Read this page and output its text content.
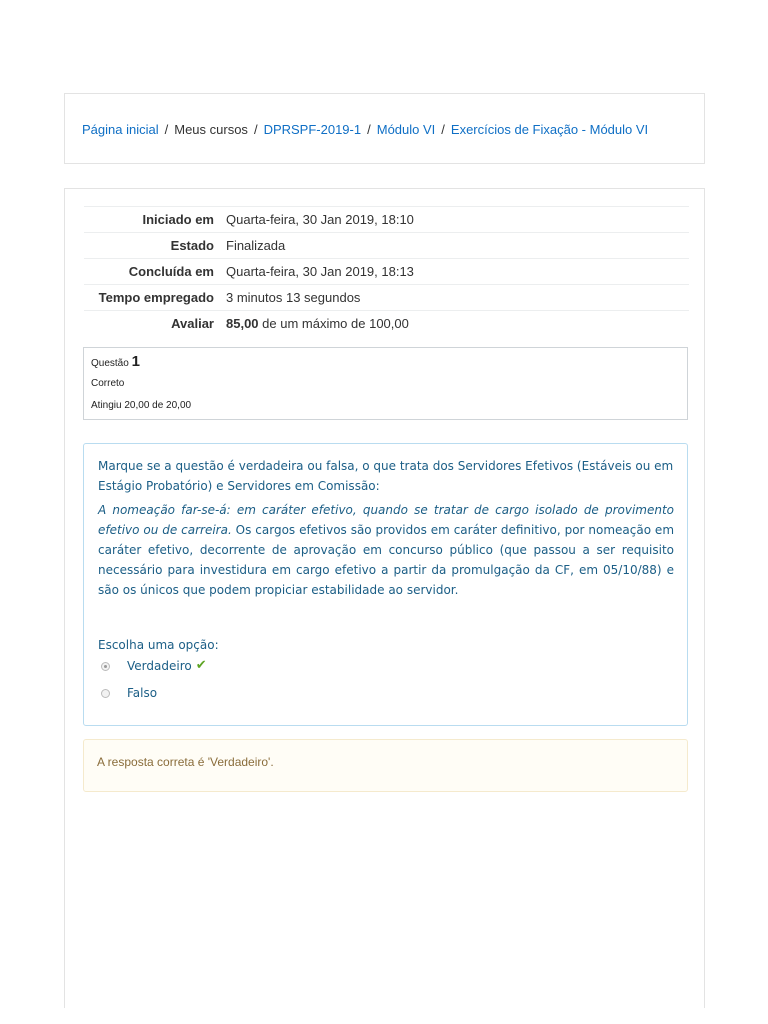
Página inicial / Meus cursos / DPRSPF-2019-1 / Módulo VI / Exercícios de Fixação - Módulo VI
Iniciado em	Quarta-feira, 30 Jan 2019, 18:10
Estado	Finalizada
Concluída em	Quarta-feira, 30 Jan 2019, 18:13
Tempo empregado	3 minutos 13 segundos
Avaliar	85,00 de um máximo de 100,00
Questão 1
Correto
Atingiu 20,00 de 20,00
Marque se a questão é verdadeira ou falsa, o que trata dos Servidores Efetivos (Estáveis ou em Estágio Probatório) e Servidores em Comissão:
A nomeação far-se-á: em caráter efetivo, quando se tratar de cargo isolado de provimento efetivo ou de carreira. Os cargos efetivos são providos em caráter definitivo, por nomeação em caráter efetivo, decorrente de aprovação em concurso público (que passou a ser requisito necessário para investidura em cargo efetivo a partir da promulgação da CF, em 05/10/88) e são os únicos que podem propiciar estabilidade ao servidor.
Escolha uma opção:
Verdadeiro ✔
Falso
A resposta correta é 'Verdadeiro'.
